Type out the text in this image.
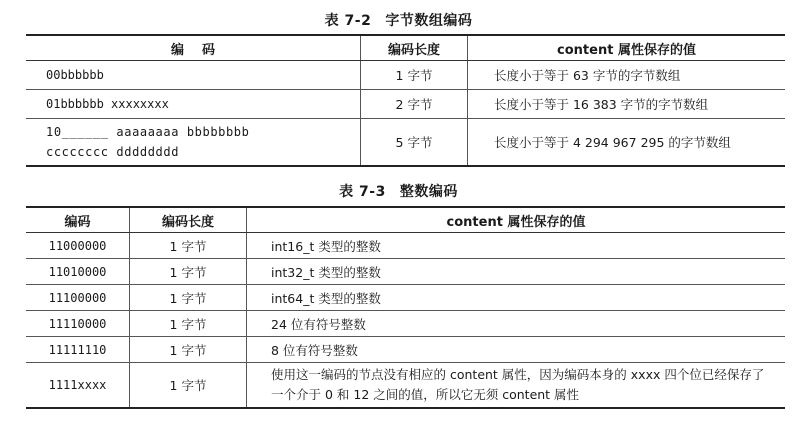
表 7-2 字节数组编码
编    码	编码长度	content 属性保存的值
00bbbbbb	1 字节	长度小于等于 63 字节的字节数组
01bbbbbb xxxxxxxx	2 字节	长度小于等于 16 383 字节的字节数组
10______ aaaaaaaa bbbbbbbb
cccccccc dddddddd	5 字节	长度小于等于 4 294 967 295 的字节数组
表 7-3 整数编码
编码	编码长度	content 属性保存的值
11000000	1 字节	int16_t 类型的整数
11010000	1 字节	int32_t 类型的整数
11100000	1 字节	int64_t 类型的整数
11110000	1 字节	24 位有符号整数
11111110	1 字节	8 位有符号整数
1111xxxx	1 字节	使用这一编码的节点没有相应的 content 属性，因为编码本身的 xxxx 四个位已经保存了一个介于 0 和 12 之间的值，所以它无须 content 属性
